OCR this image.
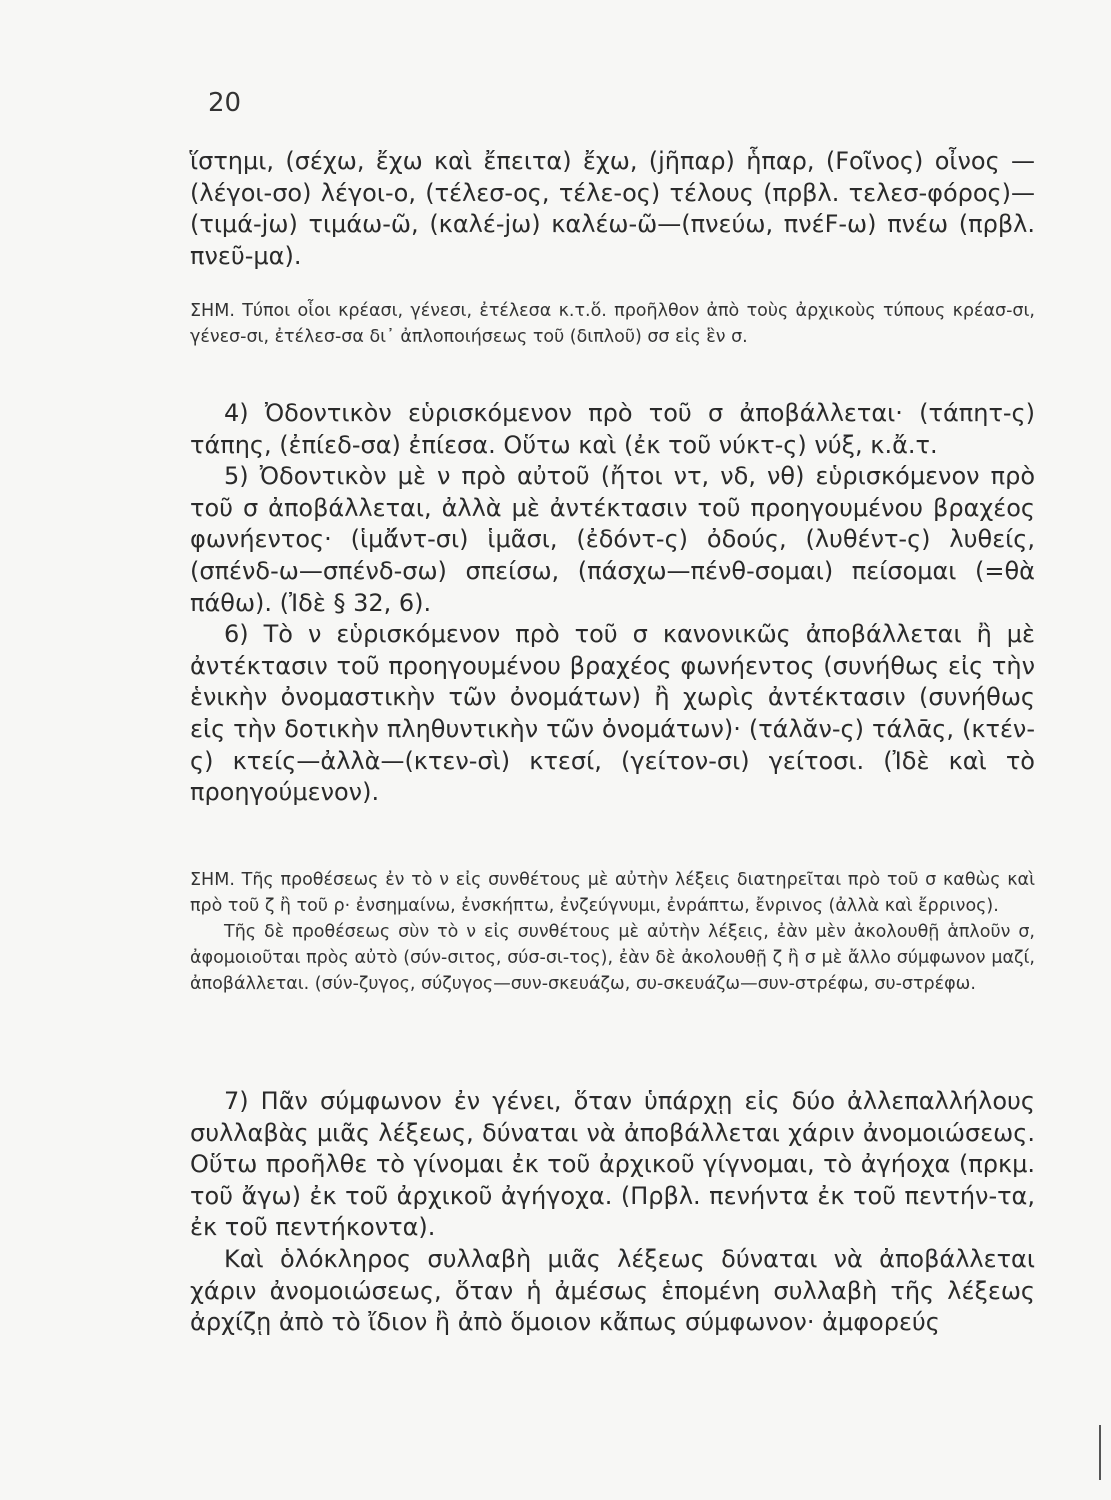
20

ἵστημι, (σέχω, ἔχω καὶ ἔπειτα) ἔχω, (jῆπαρ) ἧπαρ, (Fοῖνος) οἶνος —(λέγοι-σο) λέγοι-ο, (τέλεσ-ος, τέλε-ος) τέλους (πρβλ. τελεσ-φόρος)—(τιμά-jω) τιμάω-ῶ, (καλέ-jω) καλέω-ῶ—(πνεύω, πνέF-ω) πνέω (πρβλ. πνεῦ-μα).

ΣΗΜ. Τύποι οἷοι κρέασι, γένεσι, ἐτέλεσα κ.τ.ὅ. προῆλθον ἀπὸ τοὺς ἀρχικοὺς τύπους κρέασ-σι, γένεσ-σι, ἐτέλεσ-σα δι᾽ ἀπλοποιήσεως τοῦ (διπλοῦ) σσ εἰς ἓν σ.

4) Ὀδοντικὸν εὑρισκόμενον πρὸ τοῦ σ ἀποβάλλεται· (τάπητ-ς) τάπης, (ἐπίεδ-σα) ἐπίεσα. Οὕτω καὶ (ἐκ τοῦ νύκτ-ς) νύξ, κ.ἄ.τ.

5) Ὀδοντικὸν μὲ ν πρὸ αὐτοῦ (ἤτοι ντ, νδ, νθ) εὑρισκόμενον πρὸ τοῦ σ ἀποβάλλεται, ἀλλὰ μὲ ἀντέκτασιν τοῦ προηγουμένου βραχέος φωνήεντος· (ἱμἄ́ντ-σι) ἱμᾶσι, (ἐδόντ-ς) ὀδούς, (λυθέντ-ς) λυθείς, (σπένδ-ω—σπένδ-σω) σπείσω, (πάσχω—πένθ-σομαι) πείσομαι (=θὰ πάθω). (Ἰδὲ § 32, 6).

6) Τὸ ν εὑρισκόμενον πρὸ τοῦ σ κανονικῶς ἀποβάλλεται ἢ μὲ ἀντέκτασιν τοῦ προηγουμένου βραχέος φωνήεντος (συνήθως εἰς τὴν ἑνικὴν ὀνομαστικὴν τῶν ὀνομάτων) ἢ χωρὶς ἀντέκτασιν (συνήθως εἰς τὴν δοτικὴν πληθυντικὴν τῶν ὀνομάτων)· (τάλᾰν-ς) τάλᾱς, (κτέν-ς) κτείς—ἀλλὰ—(κτεν-σὶ) κτεσί, (γείτον-σι) γείτοσι. (Ἰδὲ καὶ τὸ προηγούμενον).

ΣΗΜ. Τῆς προθέσεως ἐν τὸ ν εἰς συνθέτους μὲ αὐτὴν λέξεις διατηρεῖται πρὸ τοῦ σ καθὼς καὶ πρὸ τοῦ ζ ἢ τοῦ ρ· ἐνσημαίνω, ἐνσκήπτω, ἐνζεύγνυμι, ἐνράπτω, ἔνριvος (ἀλλὰ καὶ ἔρρινος).

Τῆς δὲ προθέσεως σὺν τὸ ν εἰς συνθέτους μὲ αὐτὴν λέξεις, ἐὰν μὲν ἀκολουθῇ ἁπλοῦν σ, ἀφομοιοῦται πρὸς αὐτὸ (σύν-σιτος, σύσ-σι-τος), ἐὰν δὲ ἀκολουθῇ ζ ἢ σ μὲ ἄλλο σύμφωνον μαζί, ἀποβάλλεται. (σύν-ζυγος, σύζυγος—συν-σκευάζω, συ-σκευάζω—συν-στρέφω, συ-στρέφω.

7) Πᾶν σύμφωνον ἐν γένει, ὅταν ὑπάρχῃ εἰς δύο ἀλλεπαλλήλους συλλαβὰς μιᾶς λέξεως, δύναται νὰ ἀποβάλλεται χάριν ἀνομοιώσεως. Οὕτω προῆλθε τὸ γίνομαι ἐκ τοῦ ἀρχικοῦ γίγνομαι, τὸ ἀγήοχα (πρκμ. τοῦ ἄγω) ἐκ τοῦ ἀρχικοῦ ἀγήγοχα. (Πρβλ. πενήντα ἐκ τοῦ πεντήν-τα, ἐκ τοῦ πεντήκοντα).

Καὶ ὁλόκληρος συλλαβὴ μιᾶς λέξεως δύναται νὰ ἀποβάλλεται χάριν ἀνομοιώσεως, ὅταν ἡ ἀμέσως ἑπομένη συλλαβὴ τῆς λέξεως ἀρχίζῃ ἀπὸ τὸ ἴδιον ἢ ἀπὸ ὅμοιον κἄπως σύμφωνον· ἀμφορεύς
